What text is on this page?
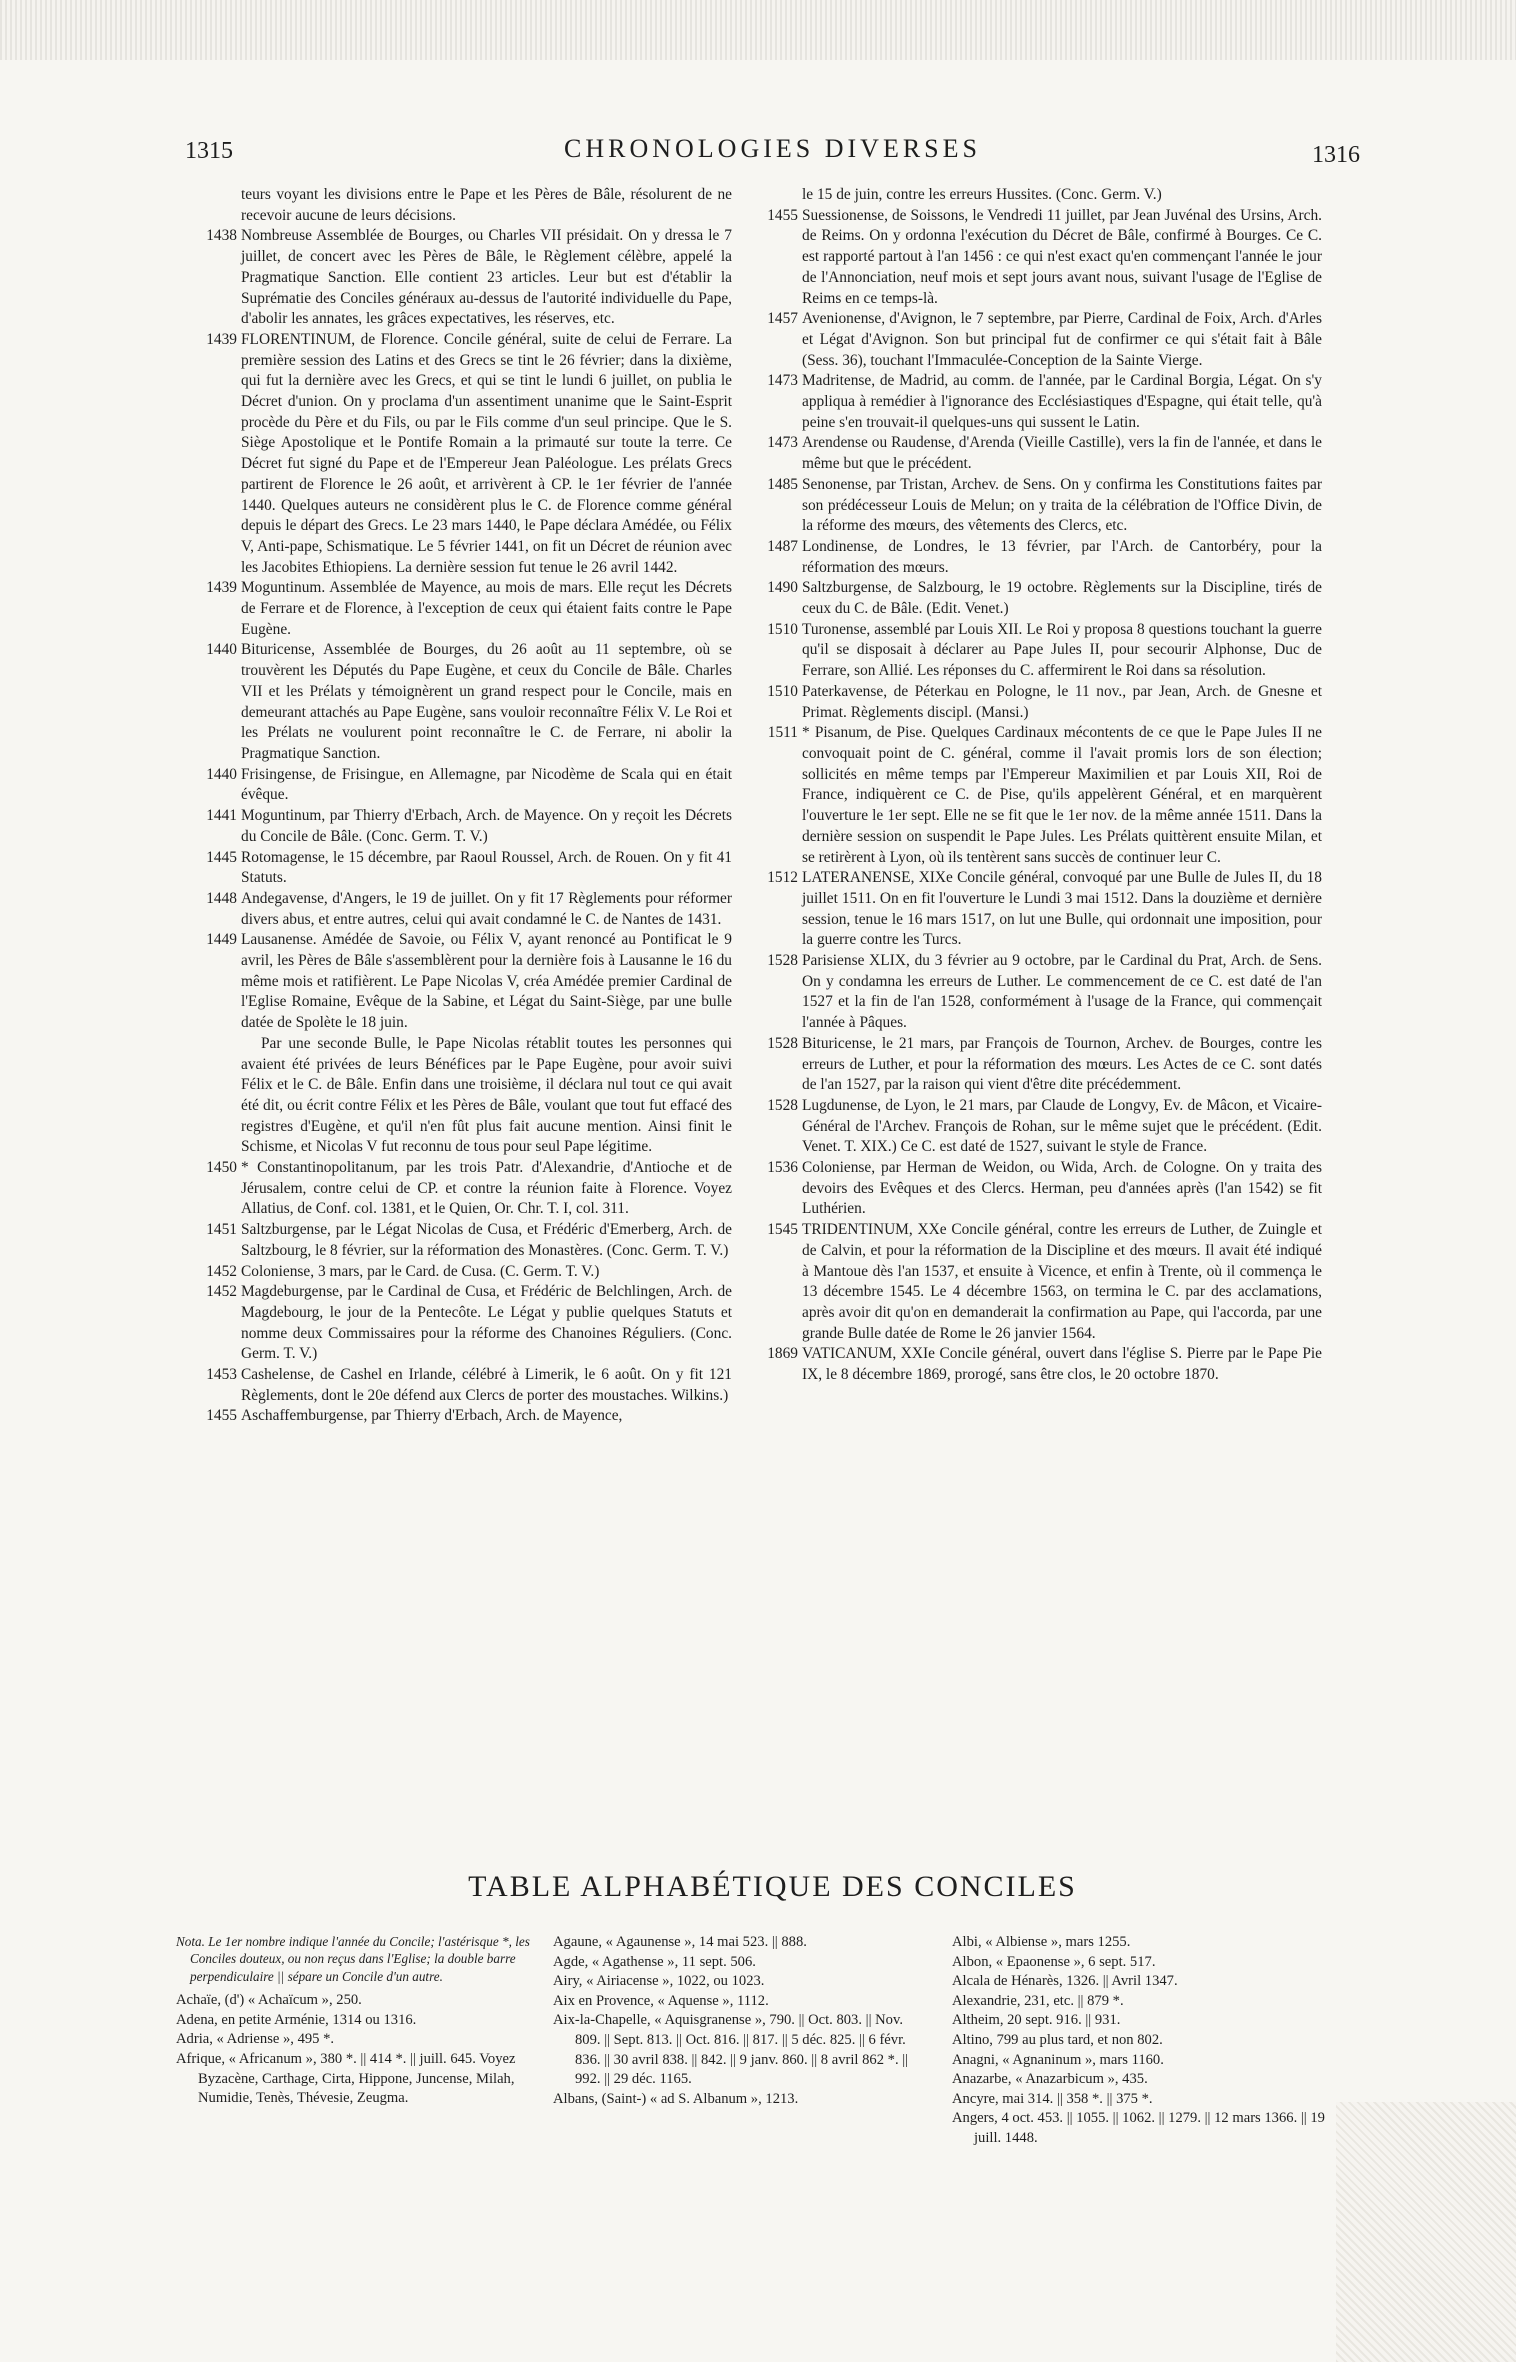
1315	CHRONOLOGIES DIVERSES	1316

teurs voyant les divisions entre le Pape et les Pères de Bâle, résolurent de ne recevoir aucune de leurs décisions.

1438 Nombreuse Assemblée de Bourges, ou Charles VII présidait. On y dressa le 7 juillet, de concert avec les Pères de Bâle, le Règlement célèbre, appelé la Pragmatique Sanction. Elle contient 23 articles. Leur but est d'établir la Suprématie des Conciles généraux au-dessus de l'autorité individuelle du Pape, d'abolir les annates, les grâces expectatives, les réserves, etc.

1439 FLORENTINUM, de Florence. Concile général, suite de celui de Ferrare. La première session des Latins et des Grecs se tint le 26 février; dans la dixième, qui fut la dernière avec les Grecs, et qui se tint le lundi 6 juillet, on publia le Décret d'union. On y proclama d'un assentiment unanime que le Saint-Esprit procède du Père et du Fils, ou par le Fils comme d'un seul principe. Que le S. Siège Apostolique et le Pontife Romain a la primauté sur toute la terre. Ce Décret fut signé du Pape et de l'Empereur Jean Paléologue. Les prélats Grecs partirent de Florence le 26 août, et arrivèrent à CP. le 1er février de l'année 1440. Quelques auteurs ne considèrent plus le C. de Florence comme général depuis le départ des Grecs. Le 23 mars 1440, le Pape déclara Amédée, ou Félix V, Anti-pape, Schismatique. Le 5 février 1441, on fit un Décret de réunion avec les Jacobites Ethiopiens. La dernière session fut tenue le 26 avril 1442.

1439 Moguntinum. Assemblée de Mayence, au mois de mars. Elle reçut les Décrets de Ferrare et de Florence, à l'exception de ceux qui étaient faits contre le Pape Eugène.

1440 Bituricense, Assemblée de Bourges, du 26 août au 11 septembre, où se trouvèrent les Députés du Pape Eugène, et ceux du Concile de Bâle. Charles VII et les Prélats y témoignèrent un grand respect pour le Concile, mais en demeurant attachés au Pape Eugène, sans vouloir reconnaître Félix V. Le Roi et les Prélats ne voulurent point reconnaître le C. de Ferrare, ni abolir la Pragmatique Sanction.

1440 Frisingense, de Frisingue, en Allemagne, par Nicodème de Scala qui en était évêque.

1441 Moguntinum, par Thierry d'Erbach, Arch. de Mayence. On y reçoit les Décrets du Concile de Bâle. (Conc. Germ. T. V.)

1445 Rotomagense, le 15 décembre, par Raoul Roussel, Arch. de Rouen. On y fit 41 Statuts.

1448 Andegavense, d'Angers, le 19 de juillet. On y fit 17 Règlements pour réformer divers abus, et entre autres, celui qui avait condamné le C. de Nantes de 1431.

1449 Lausanense. Amédée de Savoie, ou Félix V, ayant renoncé au Pontificat le 9 avril, les Pères de Bâle s'assemblèrent pour la dernière fois à Lausanne le 16 du même mois et ratifièrent. Le Pape Nicolas V, créa Amédée premier Cardinal de l'Eglise Romaine, Evêque de la Sabine, et Légat du Saint-Siège, par une bulle datée de Spolète le 18 juin.

Par une seconde Bulle, le Pape Nicolas rétablit toutes les personnes qui avaient été privées de leurs Bénéfices par le Pape Eugène, pour avoir suivi Félix et le C. de Bâle. Enfin dans une troisième, il déclara nul tout ce qui avait été dit, ou écrit contre Félix et les Pères de Bâle, voulant que tout fut effacé des registres d'Eugène, et qu'il n'en fût plus fait aucune mention. Ainsi finit le Schisme, et Nicolas V fut reconnu de tous pour seul Pape légitime.

1450 * Constantinopolitanum, par les trois Patr. d'Alexandrie, d'Antioche et de Jérusalem, contre celui de CP. et contre la réunion faite à Florence. Voyez Allatius, de Conf. col. 1381, et le Quien, Or. Chr. T. I, col. 311.

1451 Saltzburgense, par le Légat Nicolas de Cusa, et Frédéric d'Emerberg, Arch. de Saltzbourg, le 8 février, sur la réformation des Monastères. (Conc. Germ. T. V.)

1452 Coloniense, 3 mars, par le Card. de Cusa. (C. Germ. T. V.)

1452 Magdeburgense, par le Cardinal de Cusa, et Frédéric de Belchlingen, Arch. de Magdebourg, le jour de la Pentecôte. Le Légat y publie quelques Statuts et nomme deux Commissaires pour la réforme des Chanoines Réguliers. (Conc. Germ. T. V.)

1453 Cashelense, de Cashel en Irlande, célébré à Limerik, le 6 août. On y fit 121 Règlements, dont le 20e défend aux Clercs de porter des moustaches. Wilkins.)

1455 Aschaffemburgense, par Thierry d'Erbach, Arch. de Mayence,

le 15 de juin, contre les erreurs Hussites. (Conc. Germ. V.)

1455 Suessionense, de Soissons, le Vendredi 11 juillet, par Jean Juvénal des Ursins, Arch. de Reims. On y ordonna l'exécution du Décret de Bâle, confirmé à Bourges. Ce C. est rapporté partout à l'an 1456 : ce qui n'est exact qu'en commençant l'année le jour de l'Annonciation, neuf mois et sept jours avant nous, suivant l'usage de l'Eglise de Reims en ce temps-là.

1457 Avenionense, d'Avignon, le 7 septembre, par Pierre, Cardinal de Foix, Arch. d'Arles et Légat d'Avignon. Son but principal fut de confirmer ce qui s'était fait à Bâle (Sess. 36), touchant l'Immaculée-Conception de la Sainte Vierge.

1473 Madritense, de Madrid, au comm. de l'année, par le Cardinal Borgia, Légat. On s'y appliqua à remédier à l'ignorance des Ecclésiastiques d'Espagne, qui était telle, qu'à peine s'en trouvait-il quelques-uns qui sussent le Latin.

1473 Arendense ou Raudense, d'Arenda (Vieille Castille), vers la fin de l'année, et dans le même but que le précédent.

1485 Senonense, par Tristan, Archev. de Sens. On y confirma les Constitutions faites par son prédécesseur Louis de Melun; on y traita de la célébration de l'Office Divin, de la réforme des mœurs, des vêtements des Clercs, etc.

1487 Londinense, de Londres, le 13 février, par l'Arch. de Cantorbéry, pour la réformation des mœurs.

1490 Saltzburgense, de Salzbourg, le 19 octobre. Règlements sur la Discipline, tirés de ceux du C. de Bâle. (Edit. Venet.)

1510 Turonense, assemblé par Louis XII. Le Roi y proposa 8 questions touchant la guerre qu'il se disposait à déclarer au Pape Jules II, pour secourir Alphonse, Duc de Ferrare, son Allié. Les réponses du C. affermirent le Roi dans sa résolution.

1510 Paterkavense, de Péterkau en Pologne, le 11 nov., par Jean, Arch. de Gnesne et Primat. Règlements discipl. (Mansi.)

1511 * Pisanum, de Pise. Quelques Cardinaux mécontents de ce que le Pape Jules II ne convoquait point de C. général, comme il l'avait promis lors de son élection; sollicités en même temps par l'Empereur Maximilien et par Louis XII, Roi de France, indiquèrent ce C. de Pise, qu'ils appelèrent Général, et en marquèrent l'ouverture le 1er sept. Elle ne se fit que le 1er nov. de la même année 1511. Dans la dernière session on suspendit le Pape Jules. Les Prélats quittèrent ensuite Milan, et se retirèrent à Lyon, où ils tentèrent sans succès de continuer leur C.

1512 LATERANENSE, XIXe Concile général, convoqué par une Bulle de Jules II, du 18 juillet 1511. On en fit l'ouverture le Lundi 3 mai 1512. Dans la douzième et dernière session, tenue le 16 mars 1517, on lut une Bulle, qui ordonnait une imposition, pour la guerre contre les Turcs.

1528 Parisiense XLIX, du 3 février au 9 octobre, par le Cardinal du Prat, Arch. de Sens. On y condamna les erreurs de Luther. Le commencement de ce C. est daté de l'an 1527 et la fin de l'an 1528, conformément à l'usage de la France, qui commençait l'année à Pâques.

1528 Bituricense, le 21 mars, par François de Tournon, Archev. de Bourges, contre les erreurs de Luther, et pour la réformation des mœurs. Les Actes de ce C. sont datés de l'an 1527, par la raison qui vient d'être dite précédemment.

1528 Lugdunense, de Lyon, le 21 mars, par Claude de Longvy, Ev. de Mâcon, et Vicaire-Général de l'Archev. François de Rohan, sur le même sujet que le précédent. (Edit. Venet. T. XIX.) Ce C. est daté de 1527, suivant le style de France.

1536 Coloniense, par Herman de Weidon, ou Wida, Arch. de Cologne. On y traita des devoirs des Evêques et des Clercs. Herman, peu d'années après (l'an 1542) se fit Luthérien.

1545 TRIDENTINUM, XXe Concile général, contre les erreurs de Luther, de Zuingle et de Calvin, et pour la réformation de la Discipline et des mœurs. Il avait été indiqué à Mantoue dès l'an 1537, et ensuite à Vicence, et enfin à Trente, où il commença le 13 décembre 1545. Le 4 décembre 1563, on termina le C. par des acclamations, après avoir dit qu'on en demanderait la confirmation au Pape, qui l'accorda, par une grande Bulle datée de Rome le 26 janvier 1564.

1869 VATICANUM, XXIe Concile général, ouvert dans l'église S. Pierre par le Pape Pie IX, le 8 décembre 1869, prorogé, sans être clos, le 20 octobre 1870.

TABLE ALPHABÉTIQUE DES CONCILES
Nota. Le 1er nombre indique l'année du Concile; l'astérisque *, les Conciles douteux, ou non reçus dans l'Eglise; la double barre perpendiculaire || sépare un Concile d'un autre.
Achaïe, (d') « Achaïcum », 250.
Adena, en petite Arménie, 1314 ou 1316.
Adria, « Adriense », 495 *.
Afrique, « Africanum », 380 *. || 414 *. || juill. 645. Voyez Byzacène, Carthage, Cirta, Hippone, Juncense, Milah, Numidie, Tenès, Thévesie, Zeugma.
Agaune, « Agaunense », 14 mai 523. || 888.
Agde, « Agathense », 11 sept. 506.
Airy, « Airiacense », 1022, ou 1023.
Aix en Provence, « Aquense », 1112.
Aix-la-Chapelle, « Aquisgranense », 790. || Oct. 803. || Nov. 809. || Sept. 813. || Oct. 816. || 817. || 5 déc. 825. || 6 févr. 836. || 30 avril 838. || 842. || 9 janv. 860. || 8 avril 862 *. || 992. || 29 déc. 1165.
Albans, (Saint-) « ad S. Albanum », 1213.
Albi, « Albiense », mars 1255.
Albon, « Epaonense », 6 sept. 517.
Alcala de Hénarès, 1326. || Avril 1347.
Alexandrie, 231, etc. || 879 *.
Altheim, 20 sept. 916. || 931.
Altino, 799 au plus tard, et non 802.
Anagni, « Agnaninum », mars 1160.
Anazarbe, « Anazarbicum », 435.
Ancyre, mai 314. || 358 *. || 375 *.
Angers, 4 oct. 453. || 1055. || 1062. || 1279. || 12 mars 1366. || 19 juill. 1448.
